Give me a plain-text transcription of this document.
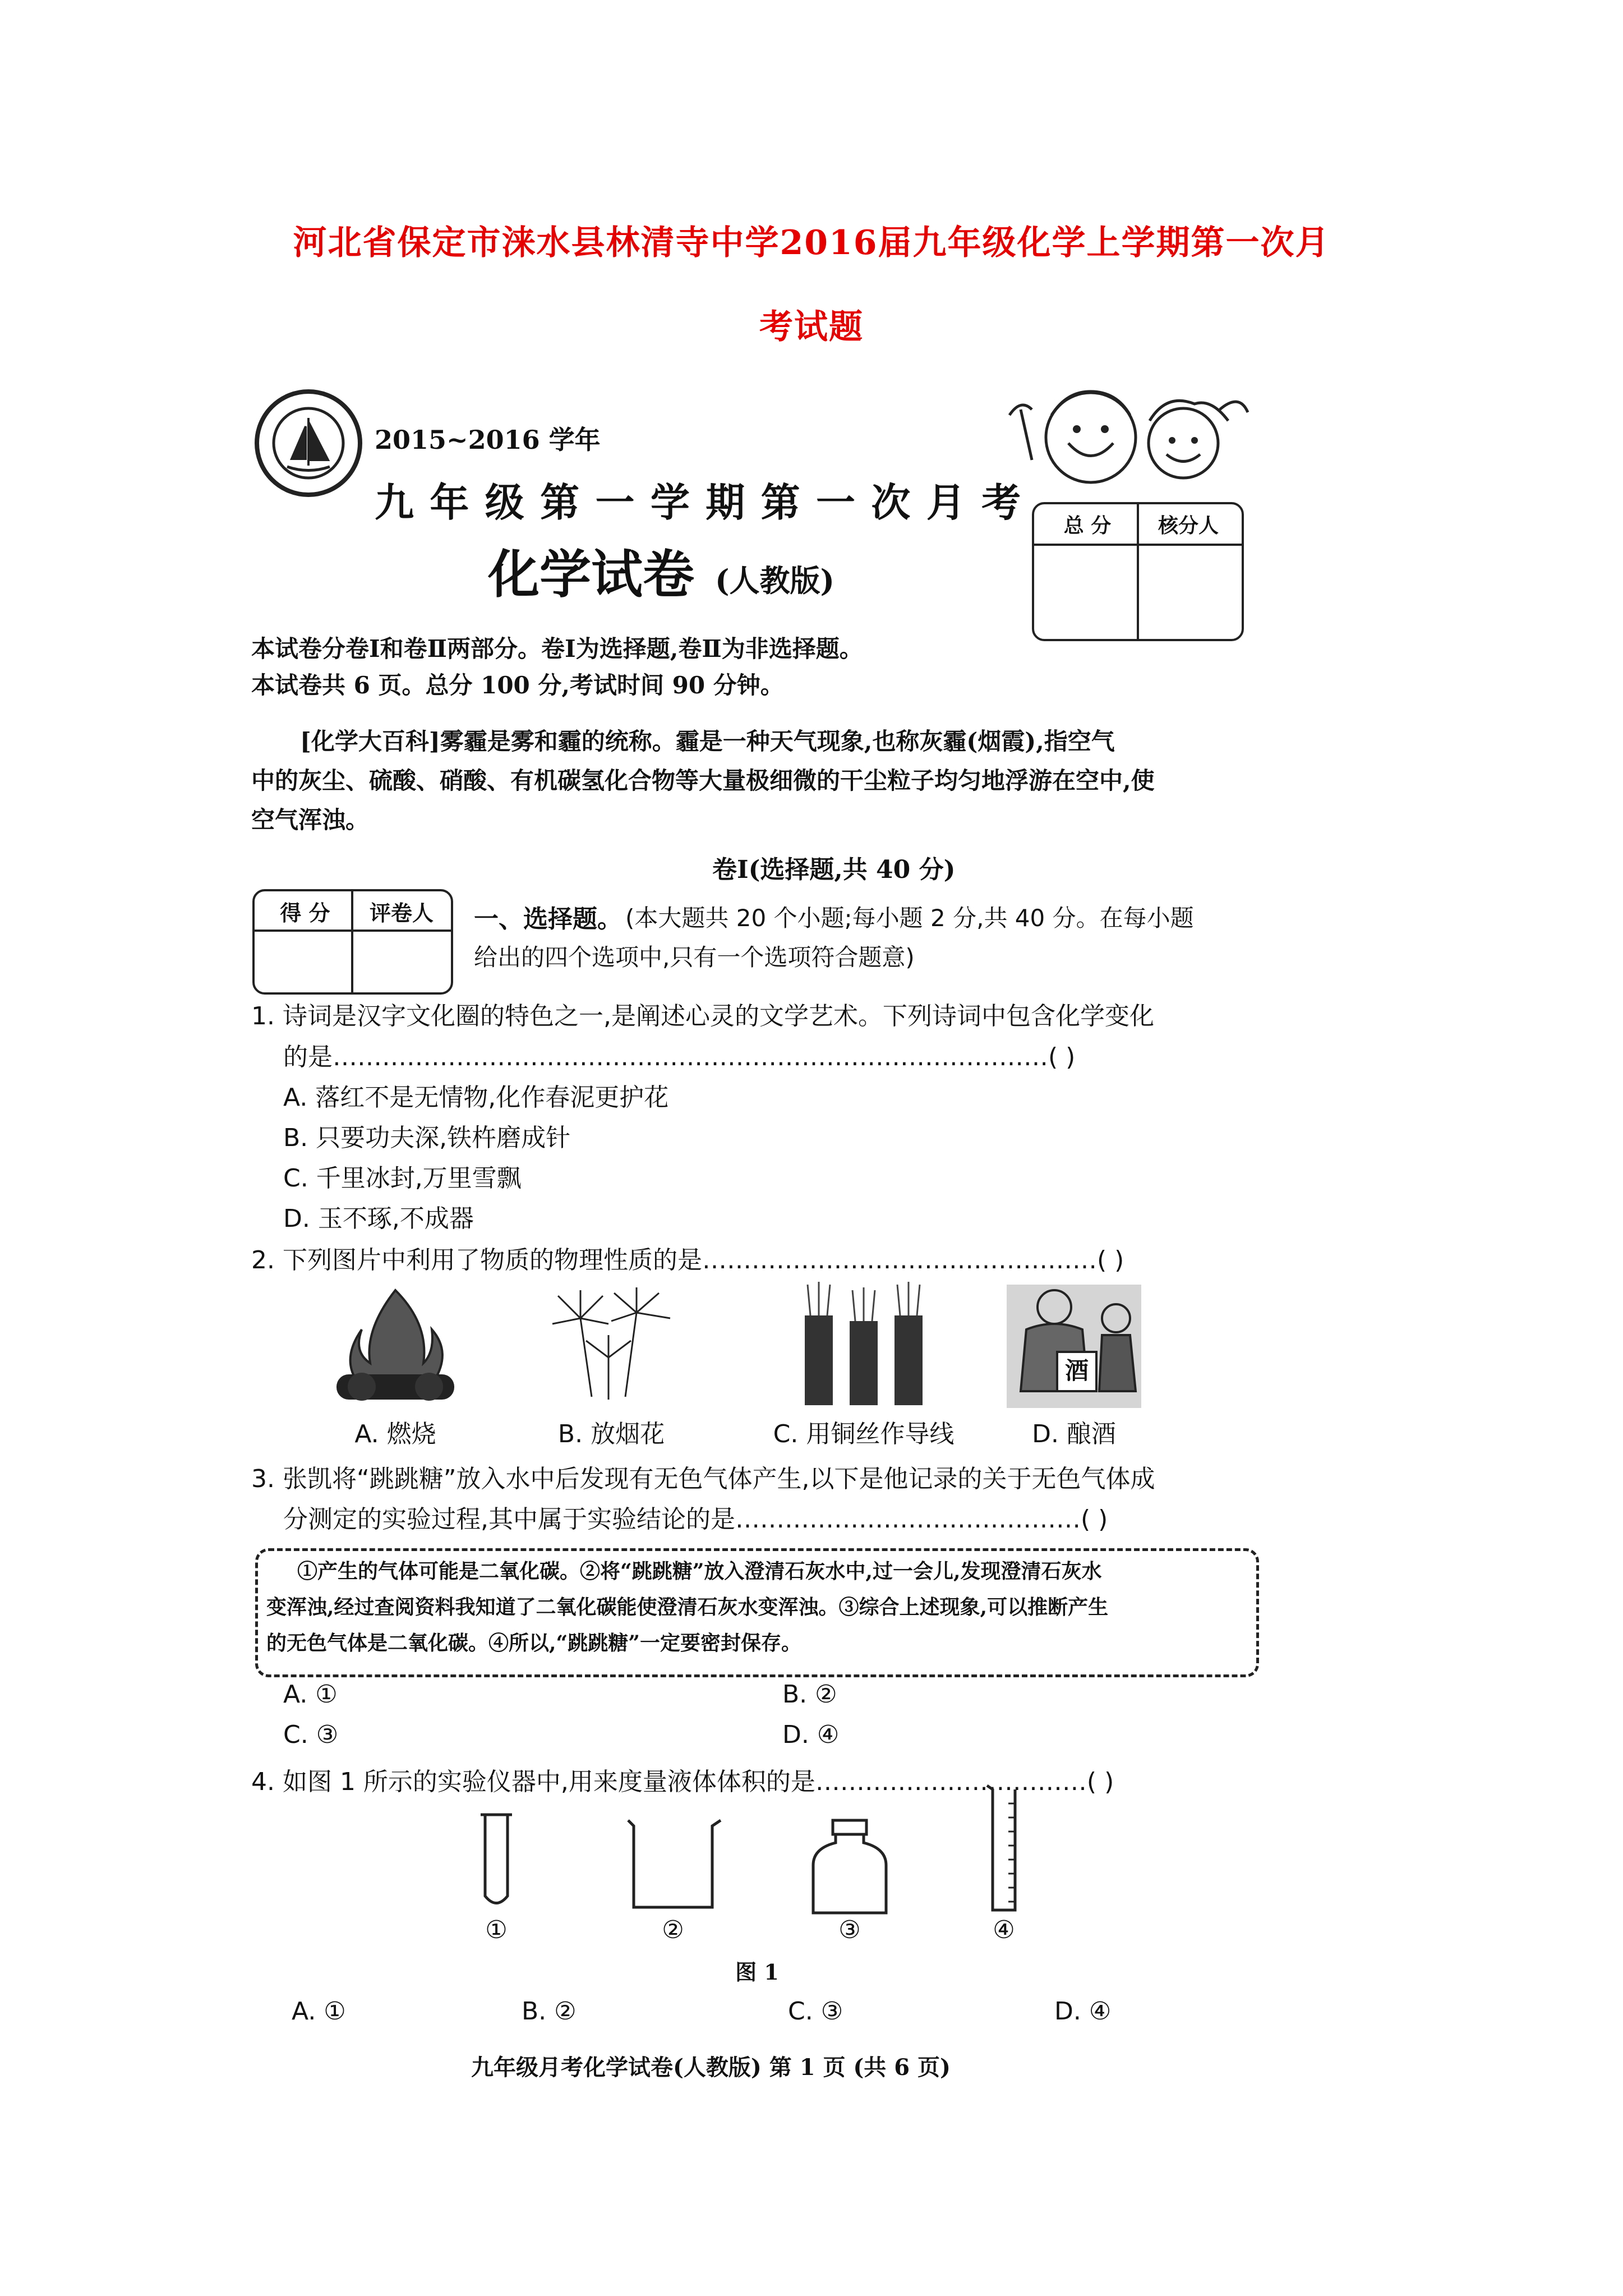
河北省保定市涞水县林清寺中学2016届九年级化学上学期第一次月
考试题
2015~2016 学年
九 年 级 第 一 学 期 第 一 次 月 考
化学试卷 (人教版)
总 分	核分人
本试卷分卷Ⅰ和卷Ⅱ两部分。卷Ⅰ为选择题,卷Ⅱ为非选择题。
本试卷共 6 页。总分 100 分,考试时间 90 分钟。
[化学大百科]雾霾是雾和霾的统称。霾是一种天气现象,也称灰霾(烟霞),指空气
中的灰尘、硫酸、硝酸、有机碳氢化合物等大量极细微的干尘粒子均匀地浮游在空中,使
空气浑浊。
卷Ⅰ(选择题,共 40 分)
得 分	评卷人	一、选择题。 (本大题共 20 个小题;每小题 2 分,共 40 分。在每小题
给出的四个选项中,只有一个选项符合题意)
1. 诗词是汉字文化圈的特色之一,是阐述心灵的文学艺术。下列诗词中包含化学变化
的是……………………………………………………………………………( )
A. 落红不是无情物,化作春泥更护花
B. 只要功夫深,铁杵磨成针
C. 千里冰封,万里雪飘
D. 玉不琢,不成器
2. 下列图片中利用了物质的物理性质的是…………………………………………( )
酒
A. 燃烧	B. 放烟花	C. 用铜丝作导线	D. 酿酒
3. 张凯将“跳跳糖”放入水中后发现有无色气体产生,以下是他记录的关于无色气体成
分测定的实验过程,其中属于实验结论的是……………………………………( )
①产生的气体可能是二氧化碳。②将“跳跳糖”放入澄清石灰水中,过一会儿,发现澄清石灰水
变浑浊,经过查阅资料我知道了二氧化碳能使澄清石灰水变浑浊。③综合上述现象,可以推断产生
的无色气体是二氧化碳。④所以,“跳跳糖”一定要密封保存。
A. ①	B. ②
C. ③	D. ④
4. 如图 1 所示的实验仪器中,用来度量液体体积的是……………………………( )
①	②	③	④
图 1
A. ①	B. ②	C. ③	D. ④
九年级月考化学试卷(人教版) 第 1 页 (共 6 页)
